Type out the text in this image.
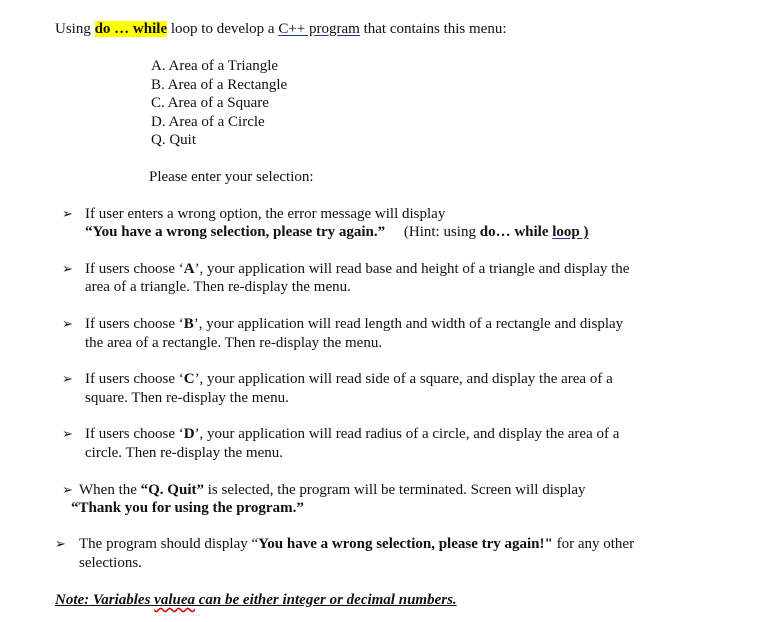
Using do … while loop to develop a C++ program that contains this menu:
A. Area of a Triangle
B. Area of a Rectangle
C. Area of a Square
D. Area of a Circle
Q. Quit
Please enter your selection:
➢ If user enters a wrong option, the error message will display
“You have a wrong selection, please try again.”     (Hint: using do… while loop )
➢ If users choose ‘A’, your application will read base and height of a triangle and display the
area of a triangle. Then re-display the menu.
➢ If users choose ‘B’, your application will read length and width of a rectangle and display
the area of a rectangle. Then re-display the menu.
➢ If users choose ‘C’, your application will read side of a square, and display the area of a
square. Then re-display the menu.
➢ If users choose ‘D’, your application will read radius of a circle, and display the area of a
circle. Then re-display the menu.
➢ When the “Q. Quit” is selected, the program will be terminated. Screen will display
“Thank you for using the program.”
➢ The program should display “You have a wrong selection, please try again!" for any other
selections.
Note: Variables valuea can be either integer or decimal numbers.
